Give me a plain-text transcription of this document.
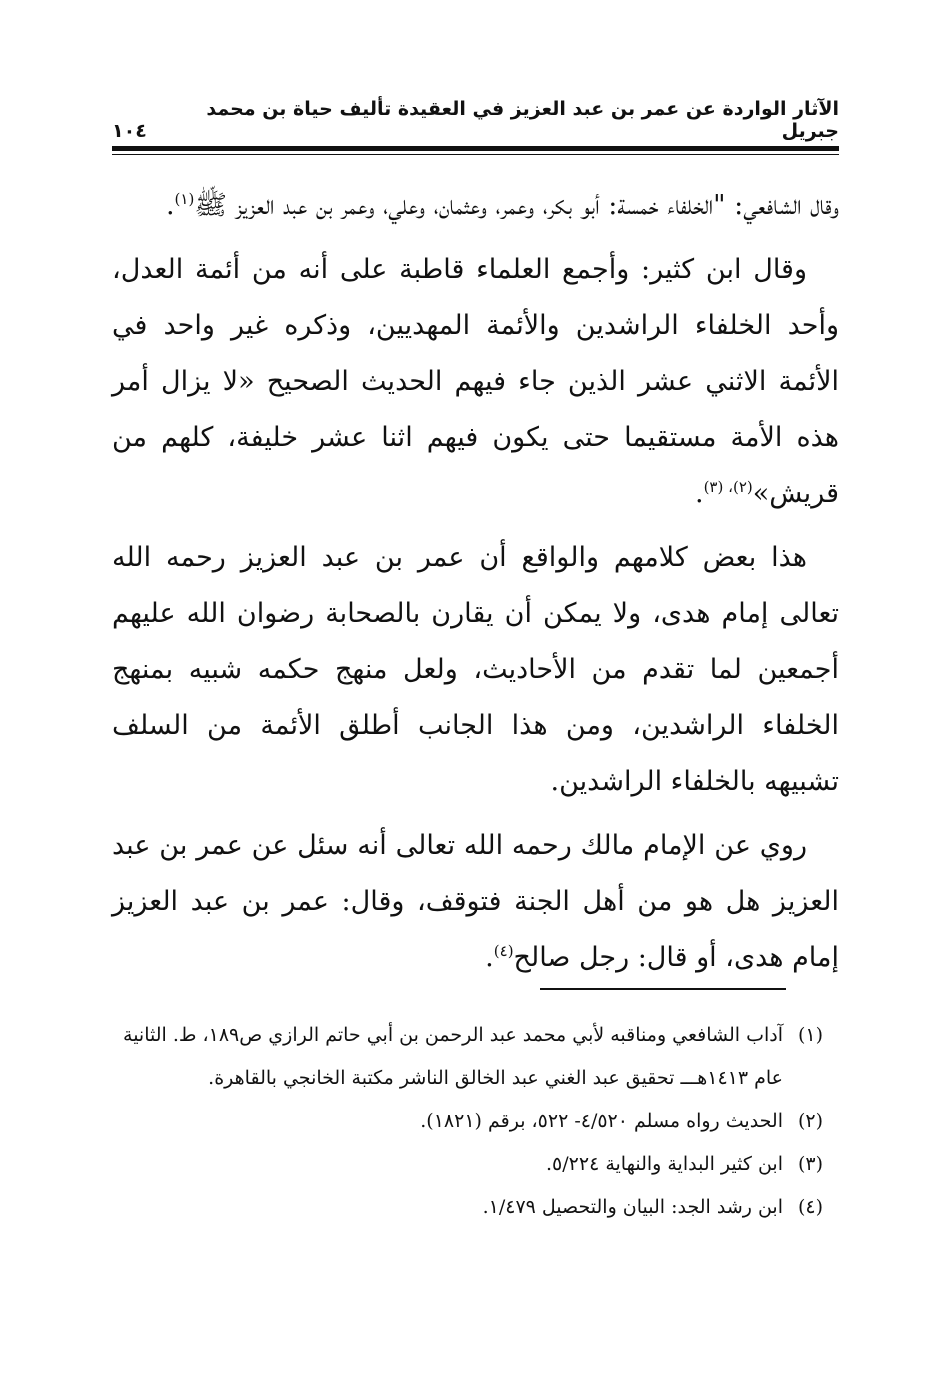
الآثار الواردة عن عمر بن عبد العزيز في العقيدة تأليف حياة بن محمد جبريل
١٠٤

وقال الشافعي: "الخلفاء خمسة: أبو بكر، وعمر، وعثمان، وعلي، وعمر بن عبد العزيز ﷺ$^{(١)}$.

وقال ابن كثير: وأجمع العلماء قاطبة على أنه من أئمة العدل، وأحد الخلفاء الراشدين والأئمة المهديين، وذكره غير واحد في الأئمة الاثني عشر الذين جاء فيهم الحديث الصحيح «لا يزال أمر هذه الأمة مستقيما حتى يكون فيهم اثنا عشر خليفة، كلهم من قريش»$^{(٢)، (٣)}$.

هذا بعض كلامهم والواقع أن عمر بن عبد العزيز رحمه الله تعالى إمام هدى، ولا يمكن أن يقارن بالصحابة رضوان الله عليهم أجمعين لما تقدم من الأحاديث، ولعل منهج حكمه شبيه بمنهج الخلفاء الراشدين، ومن هذا الجانب أطلق الأئمة من السلف تشبيهه بالخلفاء الراشدين.

روي عن الإمام مالك رحمه الله تعالى أنه سئل عن عمر بن عبد العزيز هل هو من أهل الجنة فتوقف، وقال: عمر بن عبد العزيز إمام هدى، أو قال: رجل صالح$^{(٤)}$.

(١)
آداب الشافعي ومناقبه لأبي محمد عبد الرحمن بن أبي حاتم الرازي ص١٨٩، ط. الثانية عام ١٤١٣هـــ تحقيق عبد الغني عبد الخالق الناشر مكتبة الخانجي بالقاهرة.
(٢)
الحديث رواه مسلم ٤/٥٢٠- ٥٢٢، برقم (١٨٢١).
(٣)
ابن كثير البداية والنهاية ٥/٢٢٤.
(٤)
ابن رشد الجد: البيان والتحصيل ١/٤٧٩.
